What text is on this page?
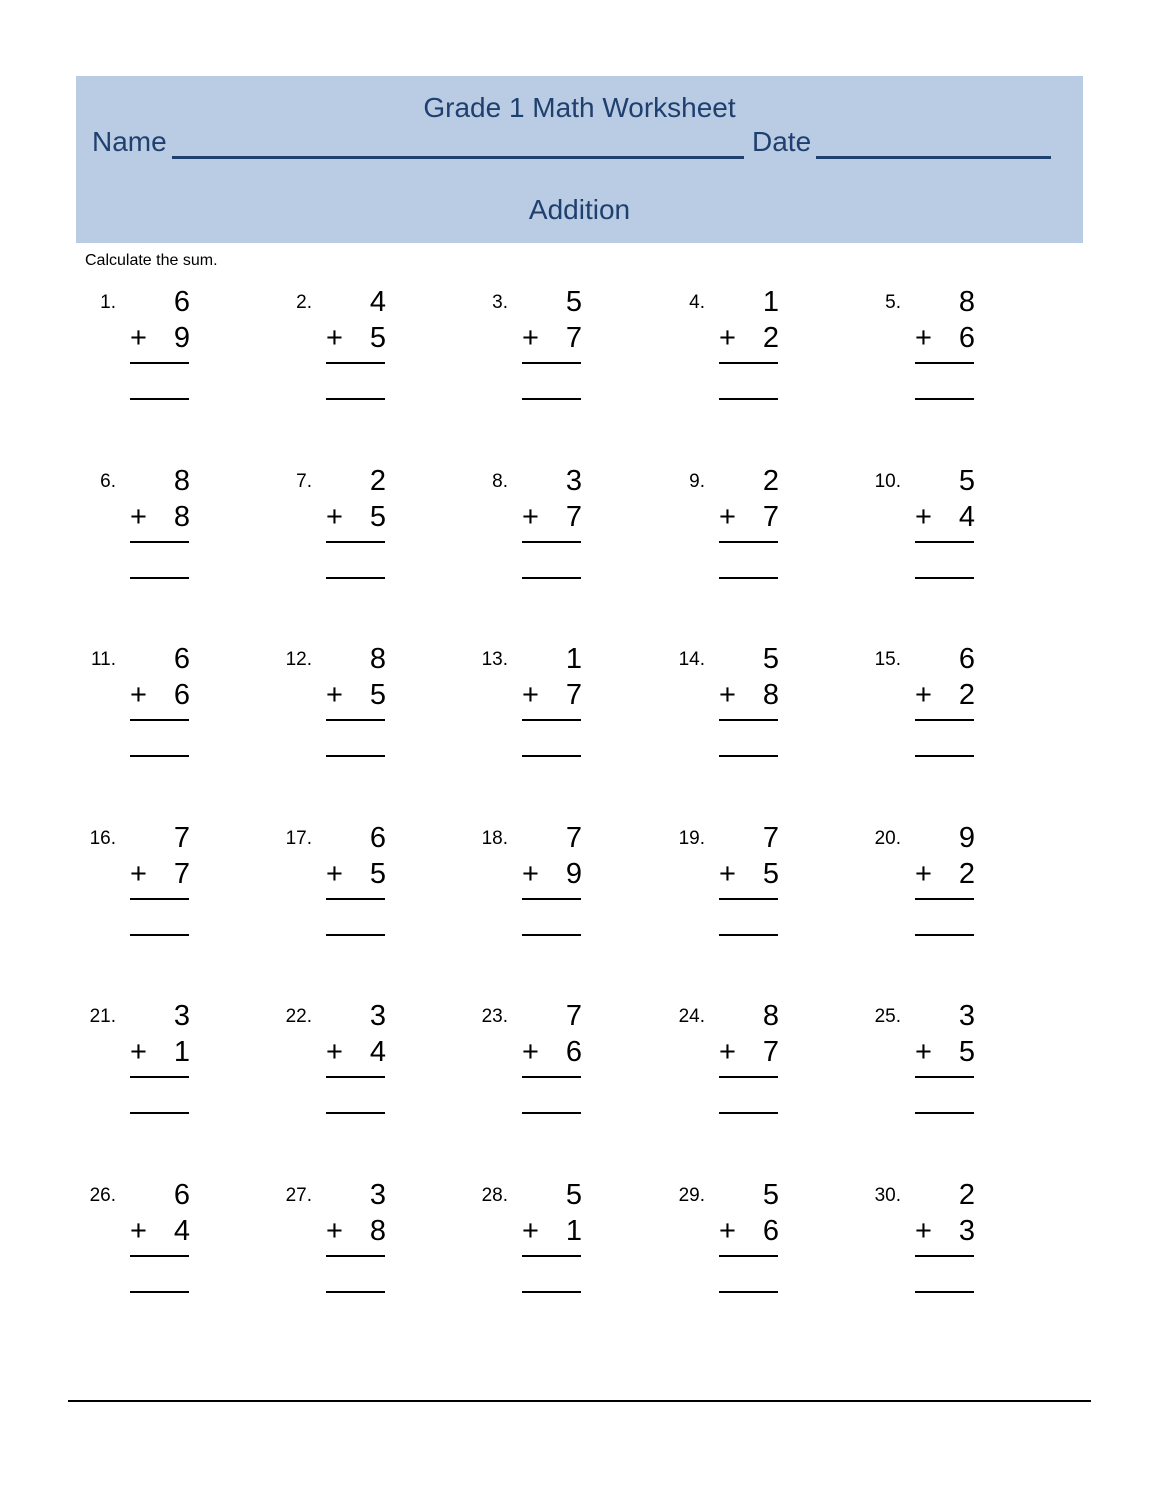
Grade 1 Math Worksheet
Name	Date
Addition
Calculate the sum.
1.	6
+ 9
2.	4
+ 5
3.	5
+ 7
4.	1
+ 2
5.	8
+ 6
6.	8
+ 8
7.	2
+ 5
8.	3
+ 7
9.	2
+ 7
10.	5
+ 4
11.	6
+ 6
12.	8
+ 5
13.	1
+ 7
14.	5
+ 8
15.	6
+ 2
16.	7
+ 7
17.	6
+ 5
18.	7
+ 9
19.	7
+ 5
20.	9
+ 2
21.	3
+ 1
22.	3
+ 4
23.	7
+ 6
24.	8
+ 7
25.	3
+ 5
26.	6
+ 4
27.	3
+ 8
28.	5
+ 1
29.	5
+ 6
30.	2
+ 3
